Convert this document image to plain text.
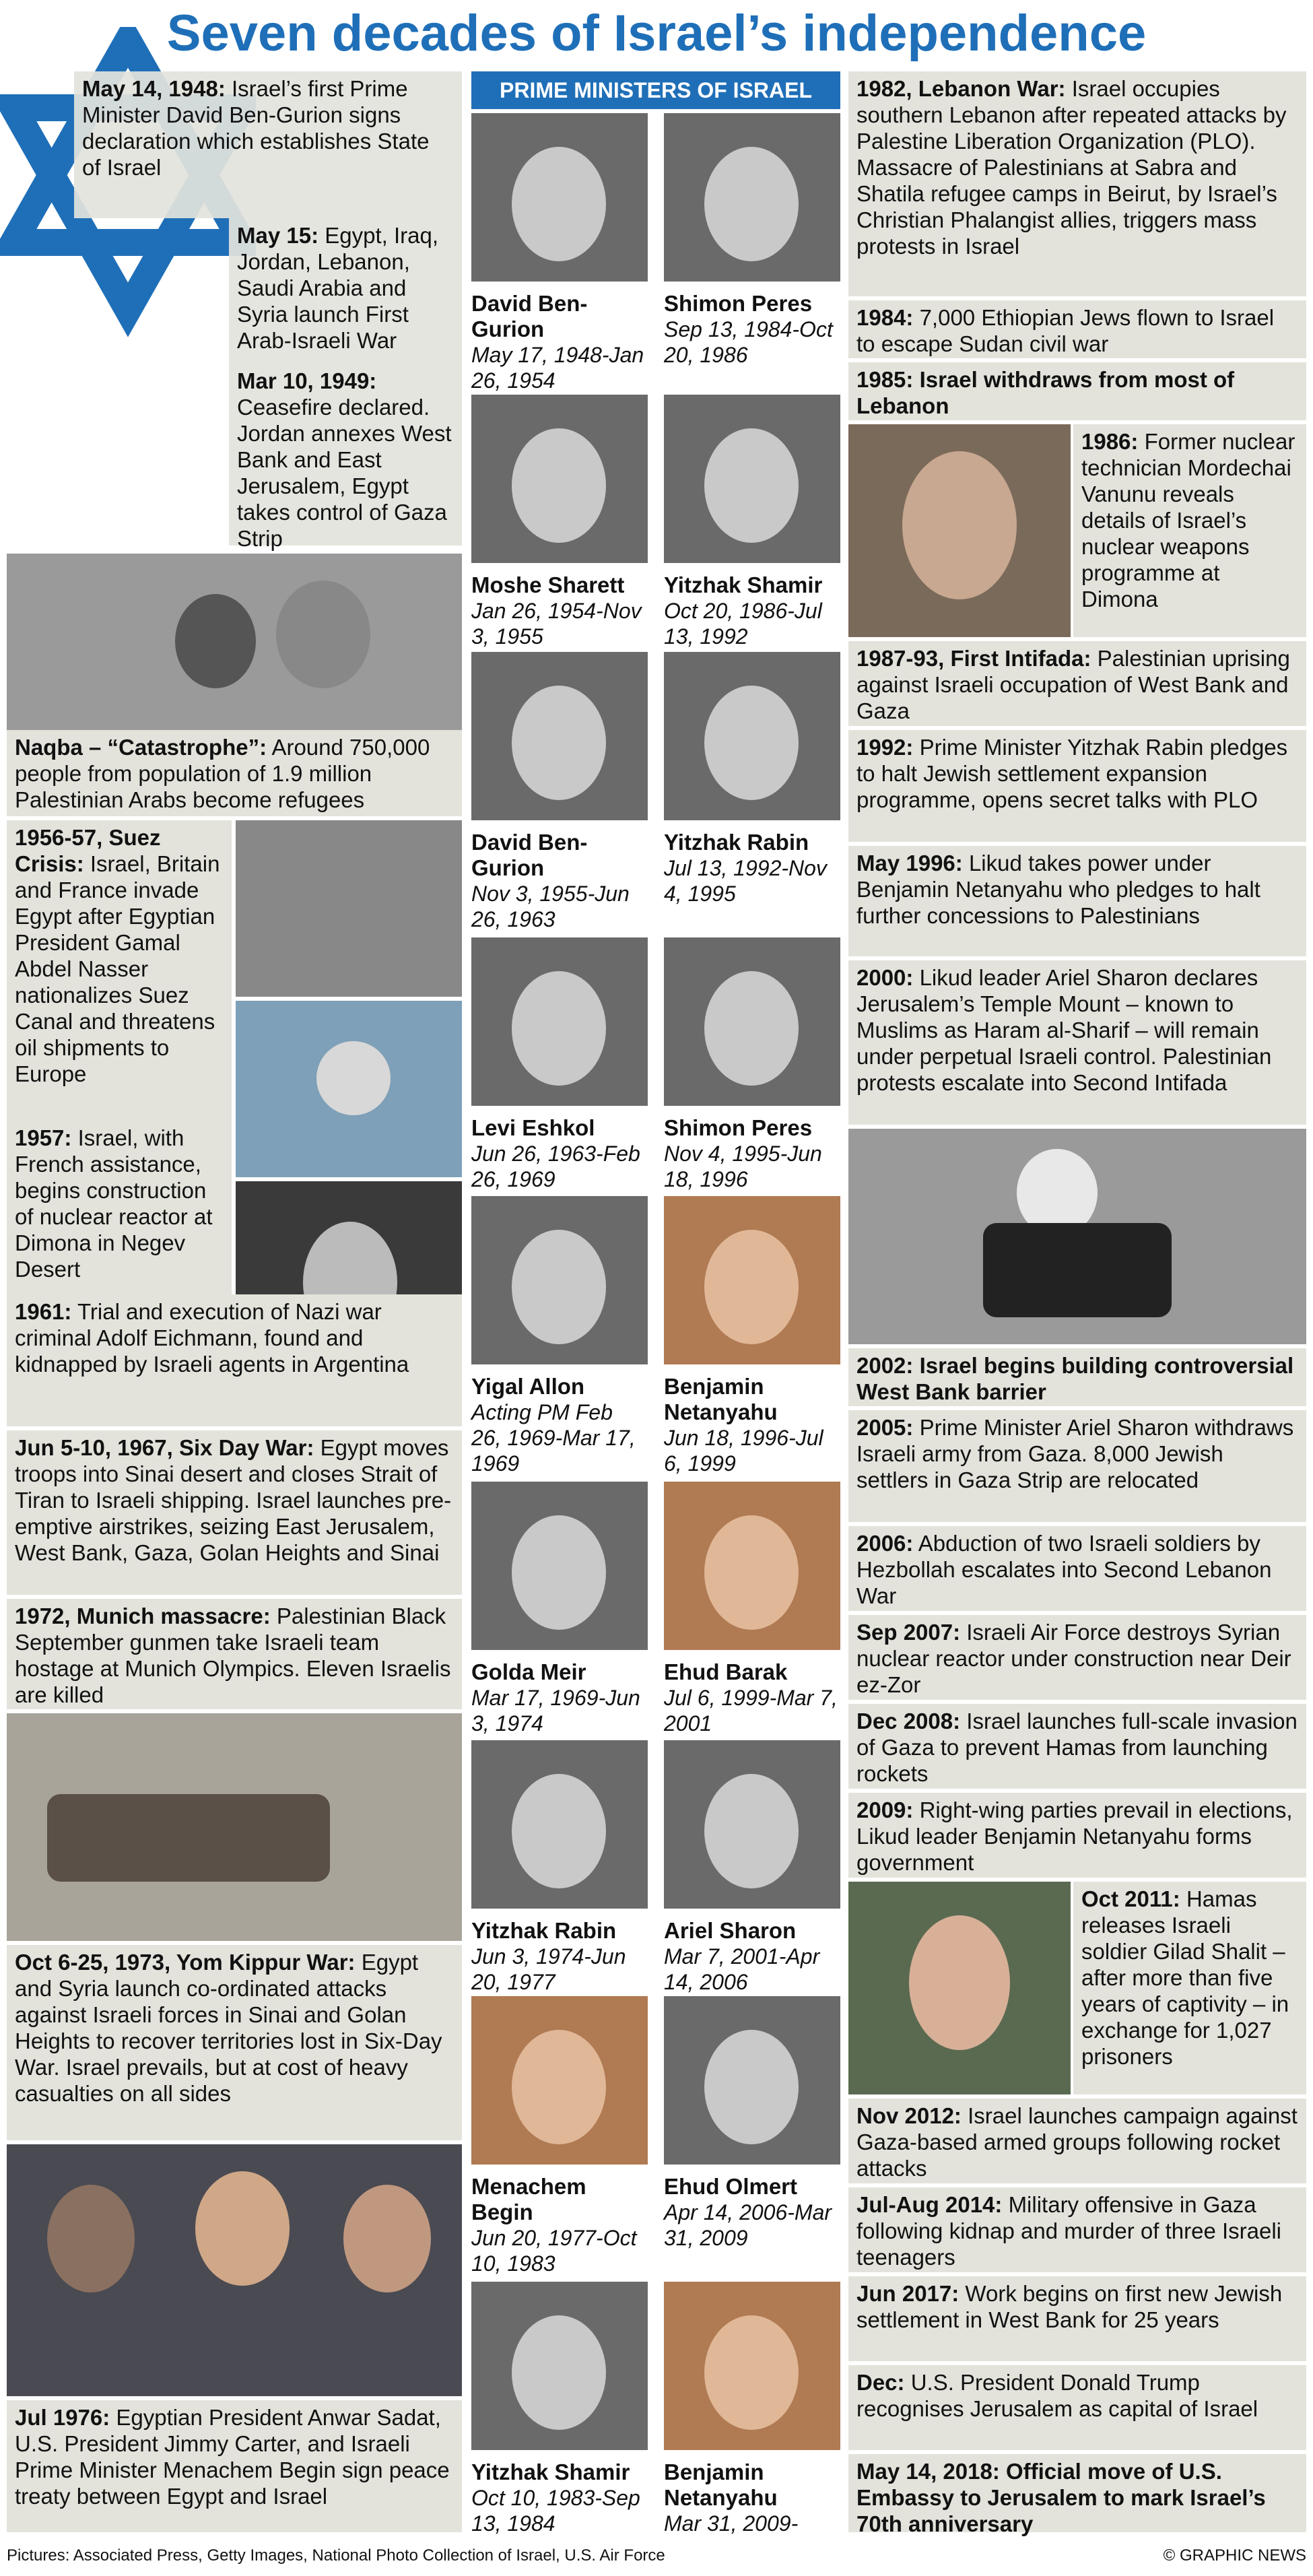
Seven decades of Israel’s independence
May 14, 1948: Israel’s first Prime Minister David Ben-Gurion signs declaration which establishes State of Israel
May 15: Egypt, Iraq, Jordan, Lebanon, Saudi Arabia and Syria launch First Arab-Israeli War
Mar 10, 1949: Ceasefire declared. Jordan annexes West Bank and East Jerusalem, Egypt takes control of Gaza Strip
Naqba – “Catastrophe”: Around 750,000 people from population of 1.9 million Palestinian Arabs become refugees
1956-57, Suez Crisis: Israel, Britain and France invade Egypt after Egyptian President Gamal Abdel Nasser nationalizes Suez Canal and threatens oil shipments to Europe
1957: Israel, with French assistance, begins construction of nuclear reactor at Dimona in Negev Desert
1961: Trial and execution of Nazi war criminal Adolf Eichmann, found and kidnapped by Israeli agents in Argentina
Jun 5-10, 1967, Six Day War: Egypt moves troops into Sinai desert and closes Strait of Tiran to Israeli shipping. Israel launches pre-emptive airstrikes, seizing East Jerusalem, West Bank, Gaza, Golan Heights and Sinai
1972, Munich massacre: Palestinian Black September gunmen take Israeli team hostage at Munich Olympics. Eleven Israelis are killed
Oct 6-25, 1973, Yom Kippur War: Egypt and Syria launch co-ordinated attacks against Israeli forces in Sinai and Golan Heights to recover territories lost in Six-Day War. Israel prevails, but at cost of heavy casualties on all sides
Jul 1976: Egyptian President Anwar Sadat, U.S. President Jimmy Carter, and Israeli Prime Minister Menachem Begin sign peace treaty between Egypt and Israel
PRIME MINISTERS OF ISRAEL
David Ben-Gurion
May 17, 1948-Jan 26, 1954
Shimon Peres
Sep 13, 1984-Oct 20, 1986
Moshe Sharett
Jan 26, 1954-Nov 3, 1955
Yitzhak Shamir
Oct 20, 1986-Jul 13, 1992
David Ben-Gurion
Nov 3, 1955-Jun 26, 1963
Yitzhak Rabin
Jul 13, 1992-Nov 4, 1995
Levi Eshkol
Jun 26, 1963-Feb 26, 1969
Shimon Peres
Nov 4, 1995-Jun 18, 1996
Yigal Allon
Acting PM Feb 26, 1969-Mar 17, 1969
Benjamin Netanyahu
Jun 18, 1996-Jul 6, 1999
Golda Meir
Mar 17, 1969-Jun 3, 1974
Ehud Barak
Jul 6, 1999-Mar 7, 2001
Yitzhak Rabin
Jun 3, 1974-Jun 20, 1977
Ariel Sharon
Mar 7, 2001-Apr 14, 2006
Menachem Begin
Jun 20, 1977-Oct 10, 1983
Ehud Olmert
Apr 14, 2006-Mar 31, 2009
Yitzhak Shamir
Oct 10, 1983-Sep 13, 1984
Benjamin Netanyahu
Mar 31, 2009-
1982, Lebanon War: Israel occupies southern Lebanon after repeated attacks by Palestine Liberation Organization (PLO). Massacre of Palestinians at Sabra and Shatila refugee camps in Beirut, by Israel’s Christian Phalangist allies, triggers mass protests in Israel
1984: 7,000 Ethiopian Jews flown to Israel to escape Sudan civil war
1985: Israel withdraws from most of Lebanon
1986: Former nuclear technician Mordechai Vanunu reveals details of Israel’s nuclear weapons programme at Dimona
1987-93, First Intifada: Palestinian uprising against Israeli occupation of West Bank and Gaza
1992: Prime Minister Yitzhak Rabin pledges to halt Jewish settlement expansion programme, opens secret talks with PLO
May 1996: Likud takes power under Benjamin Netanyahu who pledges to halt further concessions to Palestinians
2000: Likud leader Ariel Sharon declares Jerusalem’s Temple Mount – known to Muslims as Haram al-Sharif – will remain under perpetual Israeli control. Palestinian protests escalate into Second Intifada
2002: Israel begins building controversial West Bank barrier
2005: Prime Minister Ariel Sharon withdraws Israeli army from Gaza. 8,000 Jewish settlers in Gaza Strip are relocated
2006: Abduction of two Israeli soldiers by Hezbollah escalates into Second Lebanon War
Sep 2007: Israeli Air Force destroys Syrian nuclear reactor under construction near Deir ez-Zor
Dec 2008: Israel launches full-scale invasion of Gaza to prevent Hamas from launching rockets
2009: Right-wing parties prevail in elections, Likud leader Benjamin Netanyahu forms government
Oct 2011: Hamas releases Israeli soldier Gilad Shalit – after more than five years of captivity – in exchange for 1,027 prisoners
Nov 2012: Israel launches campaign against Gaza-based armed groups following rocket attacks
Jul-Aug 2014: Military offensive in Gaza following kidnap and murder of three Israeli teenagers
Jun 2017: Work begins on first new Jewish settlement in West Bank for 25 years
Dec: U.S. President Donald Trump recognises Jerusalem as capital of Israel
May 14, 2018: Official move of U.S. Embassy to Jerusalem to mark Israel’s 70th anniversary
Pictures: Associated Press, Getty Images, National Photo Collection of Israel, U.S. Air Force	© GRAPHIC NEWS
